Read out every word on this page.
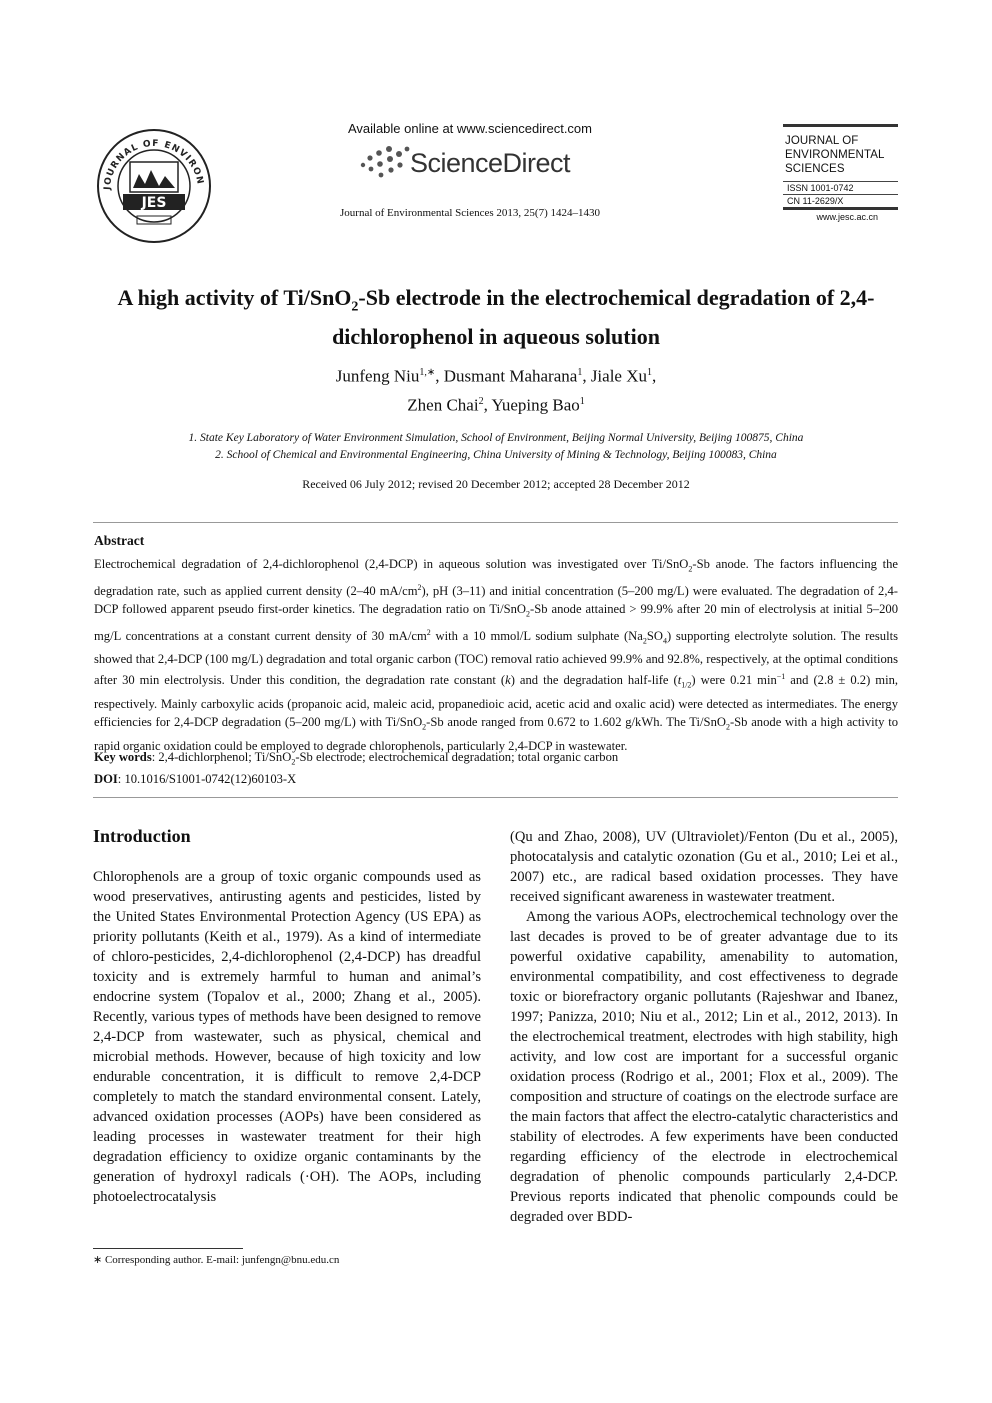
JOURNAL OF ENVIRON
JES
Available online at www.sciencedirect.com
ScienceDirect
Journal of Environmental Sciences 2013, 25(7) 1424–1430
JOURNAL OF
ENVIRONMENTAL
SCIENCES
ISSN 1001-0742
CN 11-2629/X
www.jesc.ac.cn
A high activity of Ti/SnO$_2$-Sb electrode in the electrochemical degradation of 2,4-dichlorophenol in aqueous solution
Junfeng Niu$^{1,∗}$, Dusmant Maharana$^1$, Jiale Xu$^1$,
Zhen Chai$^2$, Yueping Bao$^1$
1. State Key Laboratory of Water Environment Simulation, School of Environment, Beijing Normal University, Beijing 100875, China
2. School of Chemical and Environmental Engineering, China University of Mining & Technology, Beijing 100083, China
Received 06 July 2012; revised 20 December 2012; accepted 28 December 2012
Abstract
Electrochemical degradation of 2,4-dichlorophenol (2,4-DCP) in aqueous solution was investigated over Ti/SnO$_2$-Sb anode. The factors influencing the degradation rate, such as applied current density (2–40 $mA/cm^2$), pH (3–11) and initial concentration (5–200 mg/L) were evaluated. The degradation of 2,4-DCP followed apparent pseudo first-order kinetics. The degradation ratio on Ti/SnO$_2$-Sb anode attained > 99.9% after 20 min of electrolysis at initial 5–200 mg/L concentrations at a constant current density of 30 $mA/cm^2$ with a 10 mmol/L sodium sulphate $(Na_2SO_4)$ supporting electrolyte solution. The results showed that 2,4-DCP (100 mg/L) degradation and total organic carbon (TOC) removal ratio achieved 99.9% and 92.8%, respectively, at the optimal conditions after 30 min electrolysis. Under this condition, the degradation rate constant (k) and the degradation half-life $(t_{1/2})$ were 0.21 $\min^{-1}$ and (2.8 ± 0.2) min, respectively. Mainly carboxylic acids (propanoic acid, maleic acid, propanedioic acid, acetic acid and oxalic acid) were detected as intermediates. The energy efficiencies for 2,4-DCP degradation (5–200 mg/L) with Ti/SnO$_2$-Sb anode ranged from 0.672 to 1.602 g/kWh. The Ti/SnO$_2$-Sb anode with a high activity to rapid organic oxidation could be employed to degrade chlorophenols, particularly 2,4-DCP in wastewater.
Key words: 2,4-dichlorphenol; Ti/SnO$_2$-Sb electrode; electrochemical degradation; total organic carbon
DOI: 10.1016/S1001-0742(12)60103-X
Introduction

Chlorophenols are a group of toxic organic compounds used as wood preservatives, antirusting agents and pesticides, listed by the United States Environmental Protection Agency (US EPA) as priority pollutants (Keith et al., 1979). As a kind of intermediate of chloro-pesticides, 2,4-dichlorophenol (2,4-DCP) has dreadful toxicity and is extremely harmful to human and animal’s endocrine system (Topalov et al., 2000; Zhang et al., 2005). Recently, various types of methods have been designed to remove 2,4-DCP from wastewater, such as physical, chemical and microbial methods. However, because of high toxicity and low endurable concentration, it is difficult to remove 2,4-DCP completely to match the standard environmental consent. Lately, advanced oxidation processes (AOPs) have been considered as leading processes in wastewater treatment for their high degradation efficiency to oxidize organic contaminants by the generation of hydroxyl radicals (·OH). The AOPs, including photoelectrocatalysis

(Qu and Zhao, 2008), UV (Ultraviolet)/Fenton (Du et al., 2005), photocatalysis and catalytic ozonation (Gu et al., 2010; Lei et al., 2007) etc., are radical based oxidation processes. They have received significant awareness in wastewater treatment.

Among the various AOPs, electrochemical technology over the last decades is proved to be of greater advantage due to its powerful oxidative capability, amenability to automation, environmental compatibility, and cost effectiveness to degrade toxic or biorefractory organic pollutants (Rajeshwar and Ibanez, 1997; Panizza, 2010; Niu et al., 2012; Lin et al., 2012, 2013). In the electrochemical treatment, electrodes with high stability, high activity, and low cost are important for a successful organic oxidation process (Rodrigo et al., 2001; Flox et al., 2009). The composition and structure of coatings on the electrode surface are the main factors that affect the electro-catalytic characteristics and stability of electrodes. A few experiments have been conducted regarding efficiency of the electrode in electrochemical degradation of phenolic compounds particularly 2,4-DCP. Previous reports indicated that phenolic compounds could be degraded over BDD-

∗ Corresponding author. E-mail: junfengn@bnu.edu.cn
